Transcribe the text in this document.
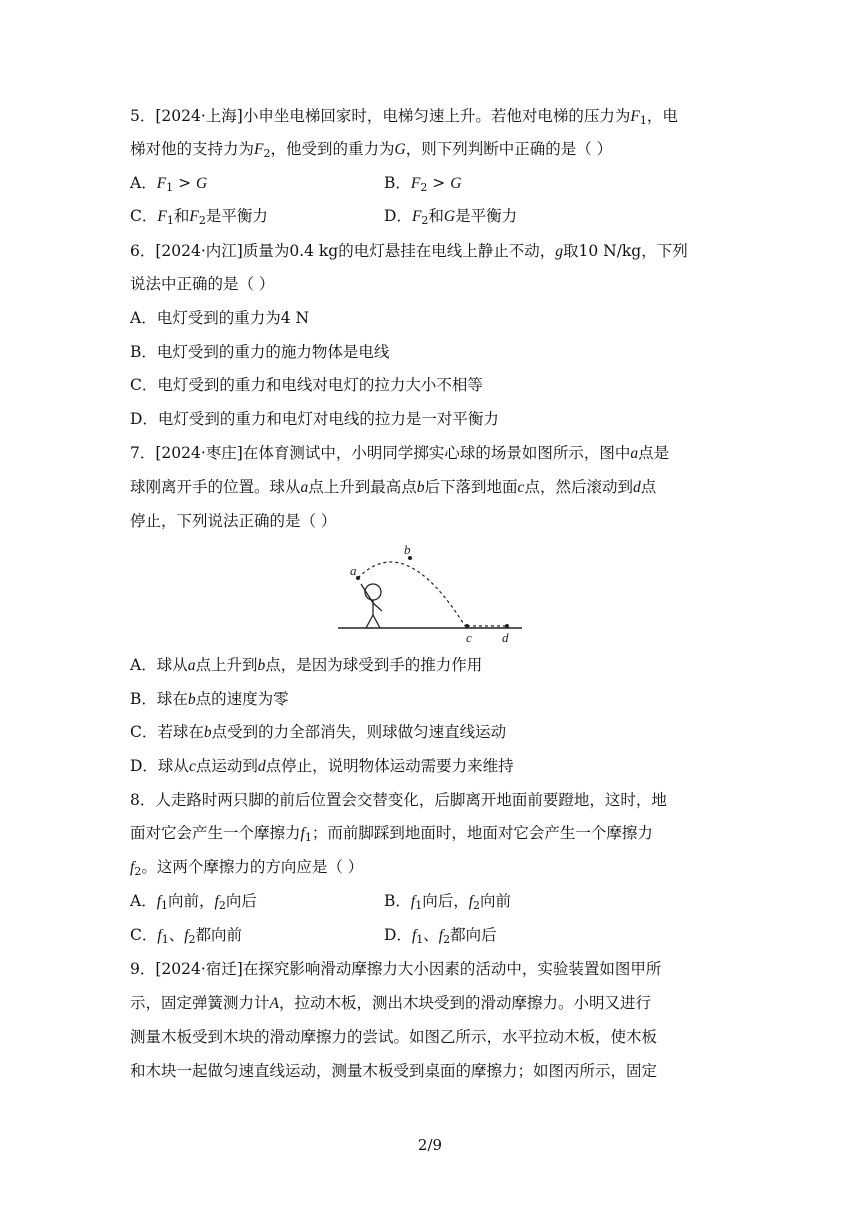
5．[2024·上海]小申坐电梯回家时，电梯匀速上升。若他对电梯的压力为$F_1$，电
梯对他的支持力为$F_2$，他受到的重力为G，则下列判断中正确的是（ ）
A．$F_1 > G$	B．$F_2 > G$
C．$F_1$和$F_2$是平衡力	D．$F_2$和G是平衡力
6．[2024·内江]质量为0.4 kg的电灯悬挂在电线上静止不动，g取10 N/kg，下列
说法中正确的是（ ）
A．电灯受到的重力为4 N
B．电灯受到的重力的施力物体是电线
C．电灯受到的重力和电线对电灯的拉力大小不相等
D．电灯受到的重力和电灯对电线的拉力是一对平衡力
7．[2024·枣庄]在体育测试中，小明同学掷实心球的场景如图所示，图中a点是
球刚离开手的位置。球从a点上升到最高点b后下落到地面c点，然后滚动到d点
停止，下列说法正确的是（ ）
a
b
c d
A．球从a点上升到b点，是因为球受到手的推力作用
B．球在b点的速度为零
C．若球在b点受到的力全部消失，则球做匀速直线运动
D．球从c点运动到d点停止，说明物体运动需要力来维持
8．人走路时两只脚的前后位置会交替变化，后脚离开地面前要蹬地，这时，地
面对它会产生一个摩擦力$f_1$；而前脚踩到地面时，地面对它会产生一个摩擦力
$f_2$。这两个摩擦力的方向应是（ ）
A．$f_1$向前，$f_2$向后	B．$f_1$向后，$f_2$向前
C．$f_1$、$f_2$都向前	D．$f_1$、$f_2$都向后
9．[2024·宿迁]在探究影响滑动摩擦力大小因素的活动中，实验装置如图甲所
示，固定弹簧测力计A，拉动木板，测出木块受到的滑动摩擦力。小明又进行
测量木板受到木块的滑动摩擦力的尝试。如图乙所示，水平拉动木板，使木板
和木块一起做匀速直线运动，测量木板受到桌面的摩擦力；如图丙所示，固定
2/9
